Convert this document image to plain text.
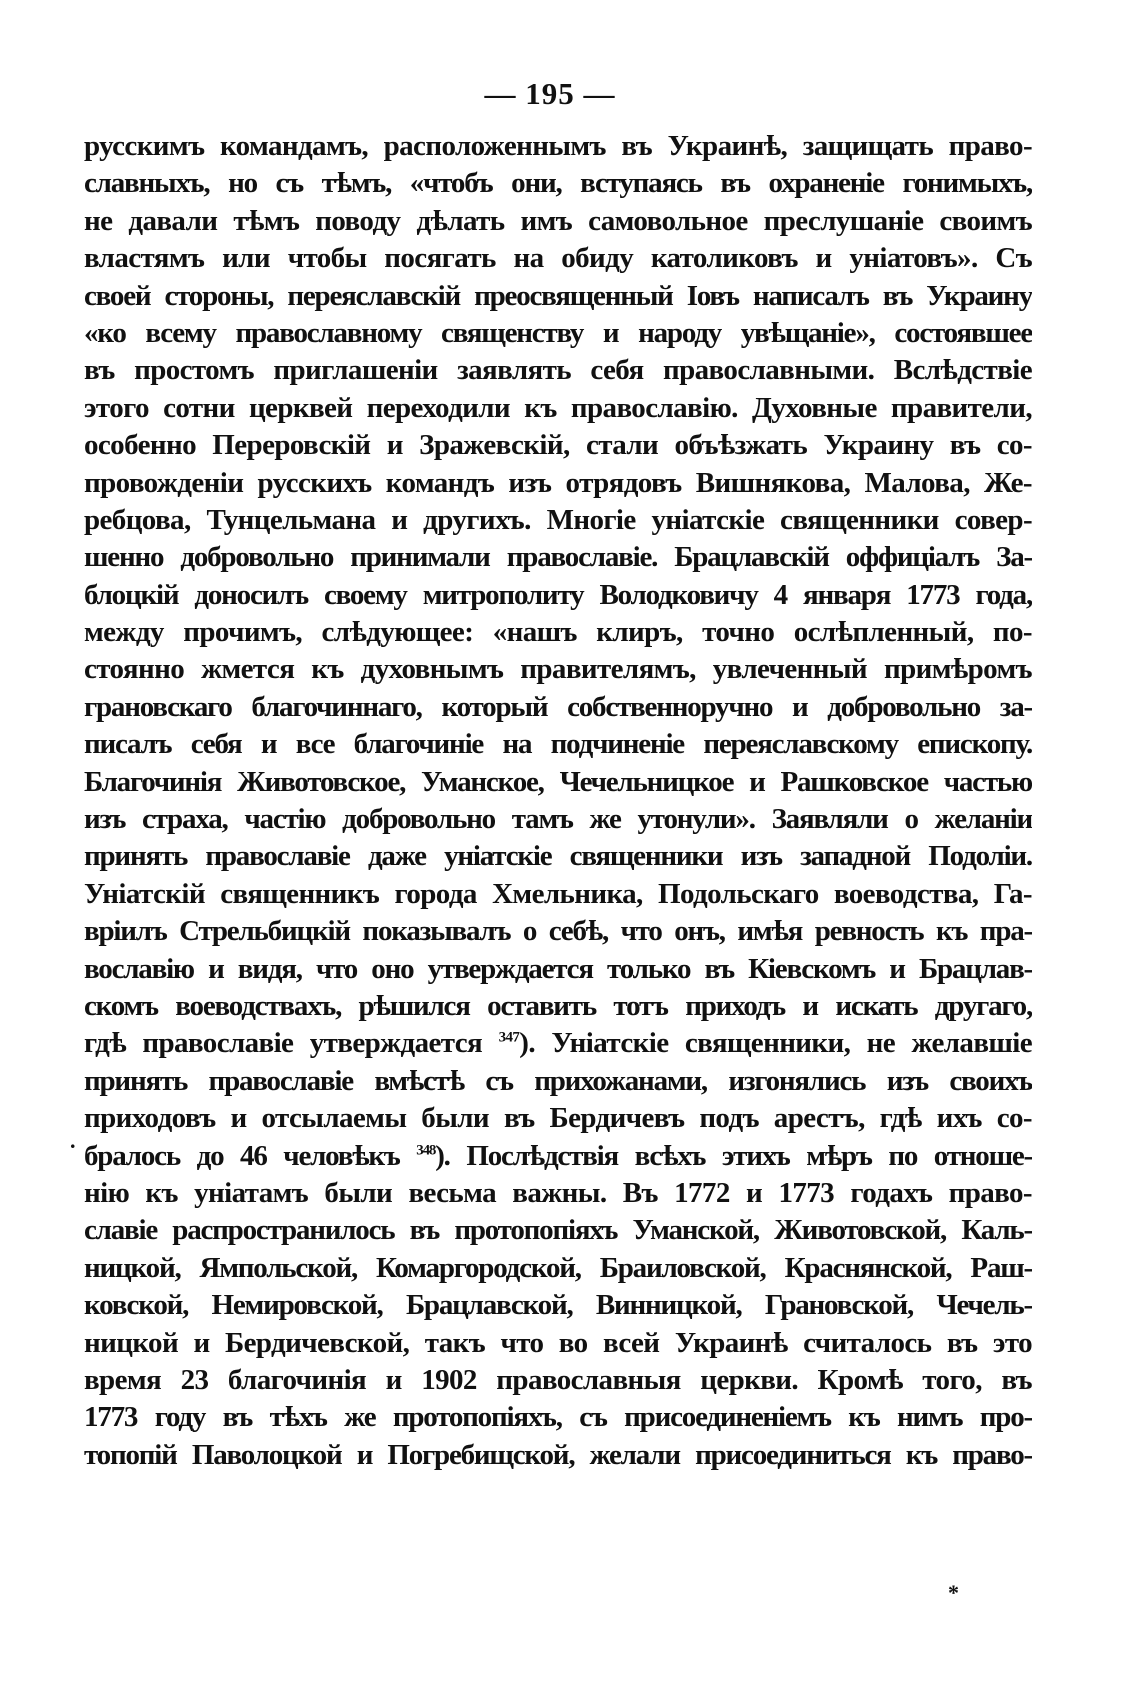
— 195 —
русскимъ командамъ, расположеннымъ въ Украинѣ, защищать право-
славныхъ, но съ тѣмъ, «чтобъ они, вступаясь въ охраненіе гонимыхъ,
не давали тѣмъ поводу дѣлать имъ самовольное преслушаніе своимъ
властямъ или чтобы посягать на обиду католиковъ и уніатовъ». Съ
своей стороны, переяславскій преосвященный Іовъ написалъ въ Украину
«ко всему православному священству и народу увѣщаніе», состоявшее
въ простомъ приглашеніи заявлять себя православными. Вслѣдствіе
этого сотни церквей переходили къ православію. Духовные правители,
особенно Переровскій и Зражевскій, стали объѣзжать Украину въ со-
провожденіи русскихъ командъ изъ отрядовъ Вишнякова, Малова, Же-
ребцова, Тунцельмана и другихъ. Многіе уніатскіе священники совер-
шенно добровольно принимали православіе. Брацлавскій оффиціалъ За-
блоцкій доносилъ своему митрополиту Володковичу 4 января 1773 года,
между прочимъ, слѣдующее: «нашъ клиръ, точно ослѣпленный, по-
стоянно жмется къ духовнымъ правителямъ, увлеченный примѣромъ
грановскаго благочиннаго, который собственноручно и добровольно за-
писалъ себя и все благочиніе на подчиненіе переяславскому епископу.
Благочинія Животовское, Уманское, Чечельницкое и Рашковское частью
изъ страха, частію добровольно тамъ же утонули». Заявляли о желаніи
принять православіе даже уніатскіе священники изъ западной Подоліи.
Уніатскій священникъ города Хмельника, Подольскаго воеводства, Га-
вріилъ Стрельбицкій показывалъ о себѣ, что онъ, имѣя ревность къ пра-
вославію и видя, что оно утверждается только въ Кіевскомъ и Брацлав-
скомъ воеводствахъ, рѣшился оставить тотъ приходъ и искать другаго,
гдѣ православіе утверждается $^{347}$). Уніатскіе священники, не желавшіе
принять православіе вмѣстѣ съ прихожанами, изгонялись изъ своихъ
приходовъ и отсылаемы были въ Бердичевъ подъ арестъ, гдѣ ихъ со-
бралось до 46 человѣкъ $^{348}$). Послѣдствія всѣхъ этихъ мѣръ по отноше-
нію къ уніатамъ были весьма важны. Въ 1772 и 1773 годахъ право-
славіе распространилось въ протопопіяхъ Уманской, Животовской, Каль-
ницкой, Ямпольской, Комаргородской, Браиловской, Краснянской, Раш-
ковской, Немировской, Брацлавской, Винницкой, Грановской, Чечель-
ницкой и Бердичевской, такъ что во всей Украинѣ считалось въ это
время 23 благочинія и 1902 православныя церкви. Кромѣ того, въ
1773 году въ тѣхъ же протопопіяхъ, съ присоединеніемъ къ нимъ про-
топопій Паволоцкой и Погребищской, желали присоединиться къ право-
.
*
